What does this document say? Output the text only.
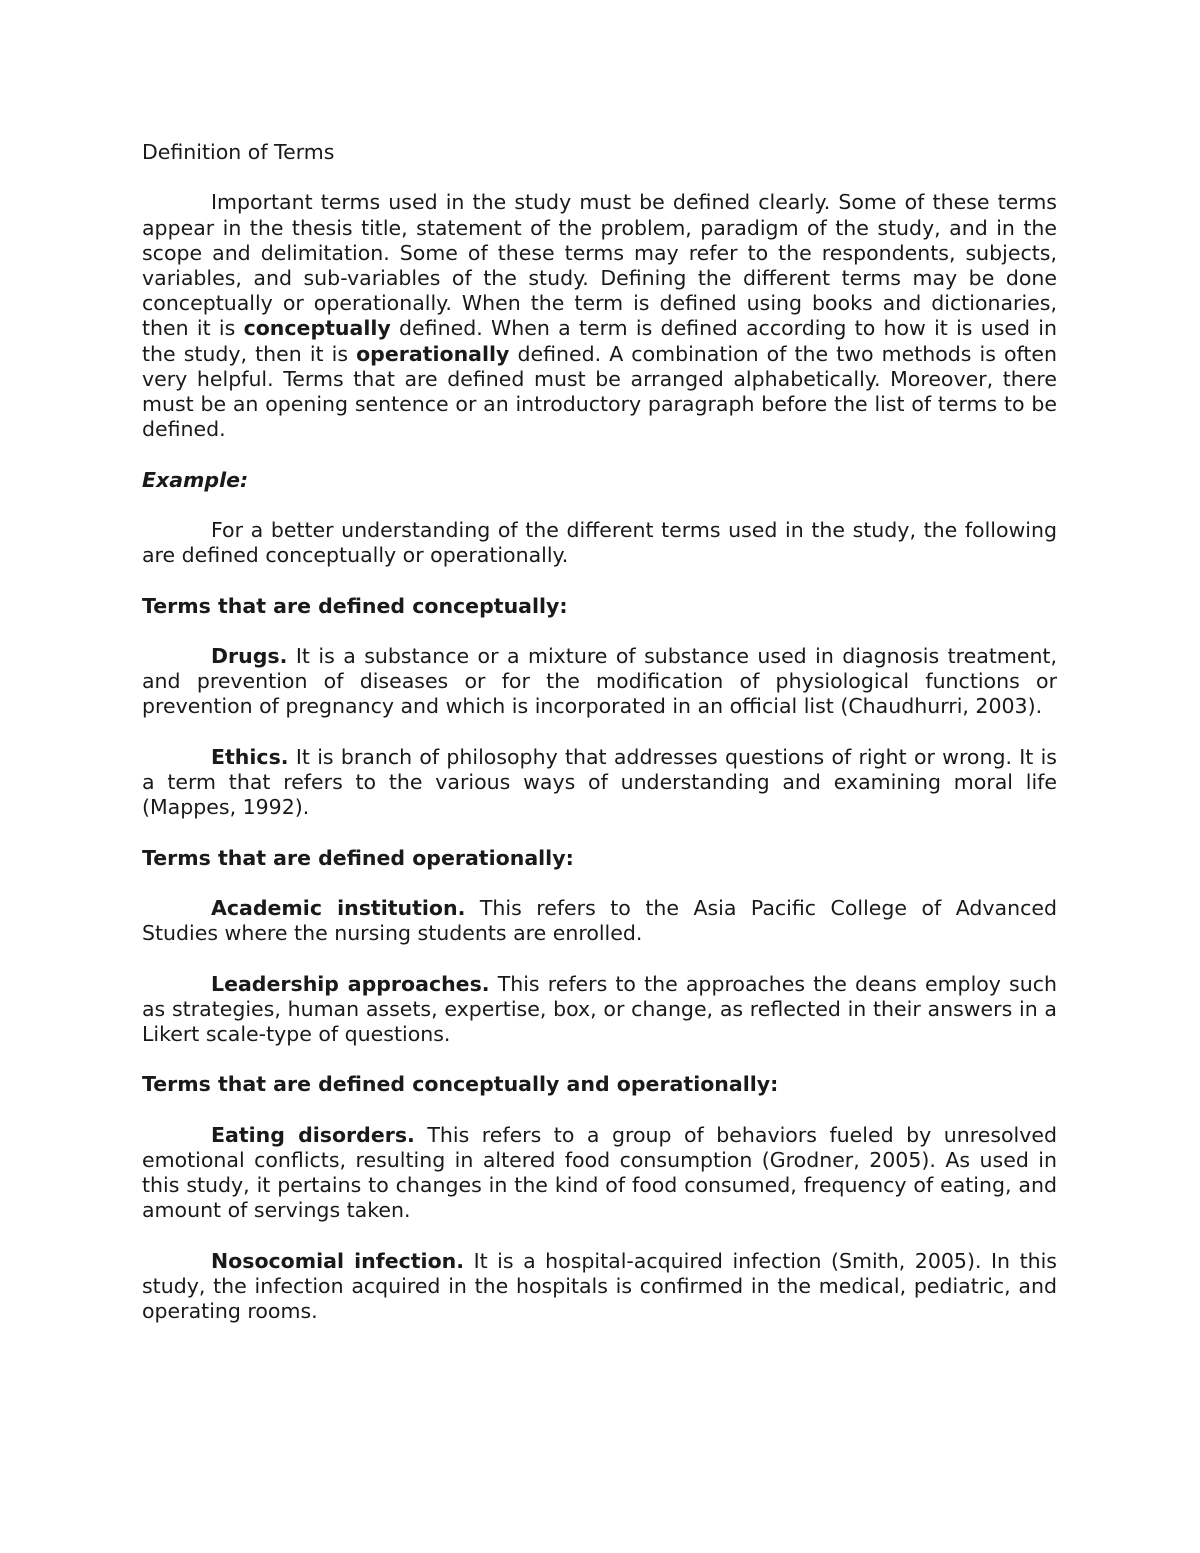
Definition of Terms

Important terms used in the study must be defined clearly. Some of these terms appear in the thesis title, statement of the problem, paradigm of the study, and in the scope and delimitation. Some of these terms may refer to the respondents, subjects, variables, and sub-variables of the study. Defining the different terms may be done conceptually or operationally. When the term is defined using books and dictionaries, then it is conceptually defined. When a term is defined according to how it is used in the study, then it is operationally defined. A combination of the two methods is often very helpful. Terms that are defined must be arranged alphabetically. Moreover, there must be an opening sentence or an introductory paragraph before the list of terms to be defined.

Example:

For a better understanding of the different terms used in the study, the following are defined conceptually or operationally.

Terms that are defined conceptually:

Drugs. It is a substance or a mixture of substance used in diagnosis treatment, and prevention of diseases or for the modification of physiological functions or prevention of pregnancy and which is incorporated in an official list (Chaudhurri, 2003).

Ethics. It is branch of philosophy that addresses questions of right or wrong. It is a term that refers to the various ways of understanding and examining moral life (Mappes, 1992).

Terms that are defined operationally:

Academic institution. This refers to the Asia Pacific College of Advanced Studies where the nursing students are enrolled.

Leadership approaches. This refers to the approaches the deans employ such as strategies, human assets, expertise, box, or change, as reflected in their answers in a Likert scale-type of questions.

Terms that are defined conceptually and operationally:

Eating disorders. This refers to a group of behaviors fueled by unresolved emotional conflicts, resulting in altered food consumption (Grodner, 2005). As used in this study, it pertains to changes in the kind of food consumed, frequency of eating, and amount of servings taken.

Nosocomial infection. It is a hospital-acquired infection (Smith, 2005). In this study, the infection acquired in the hospitals is confirmed in the medical, pediatric, and operating rooms.
